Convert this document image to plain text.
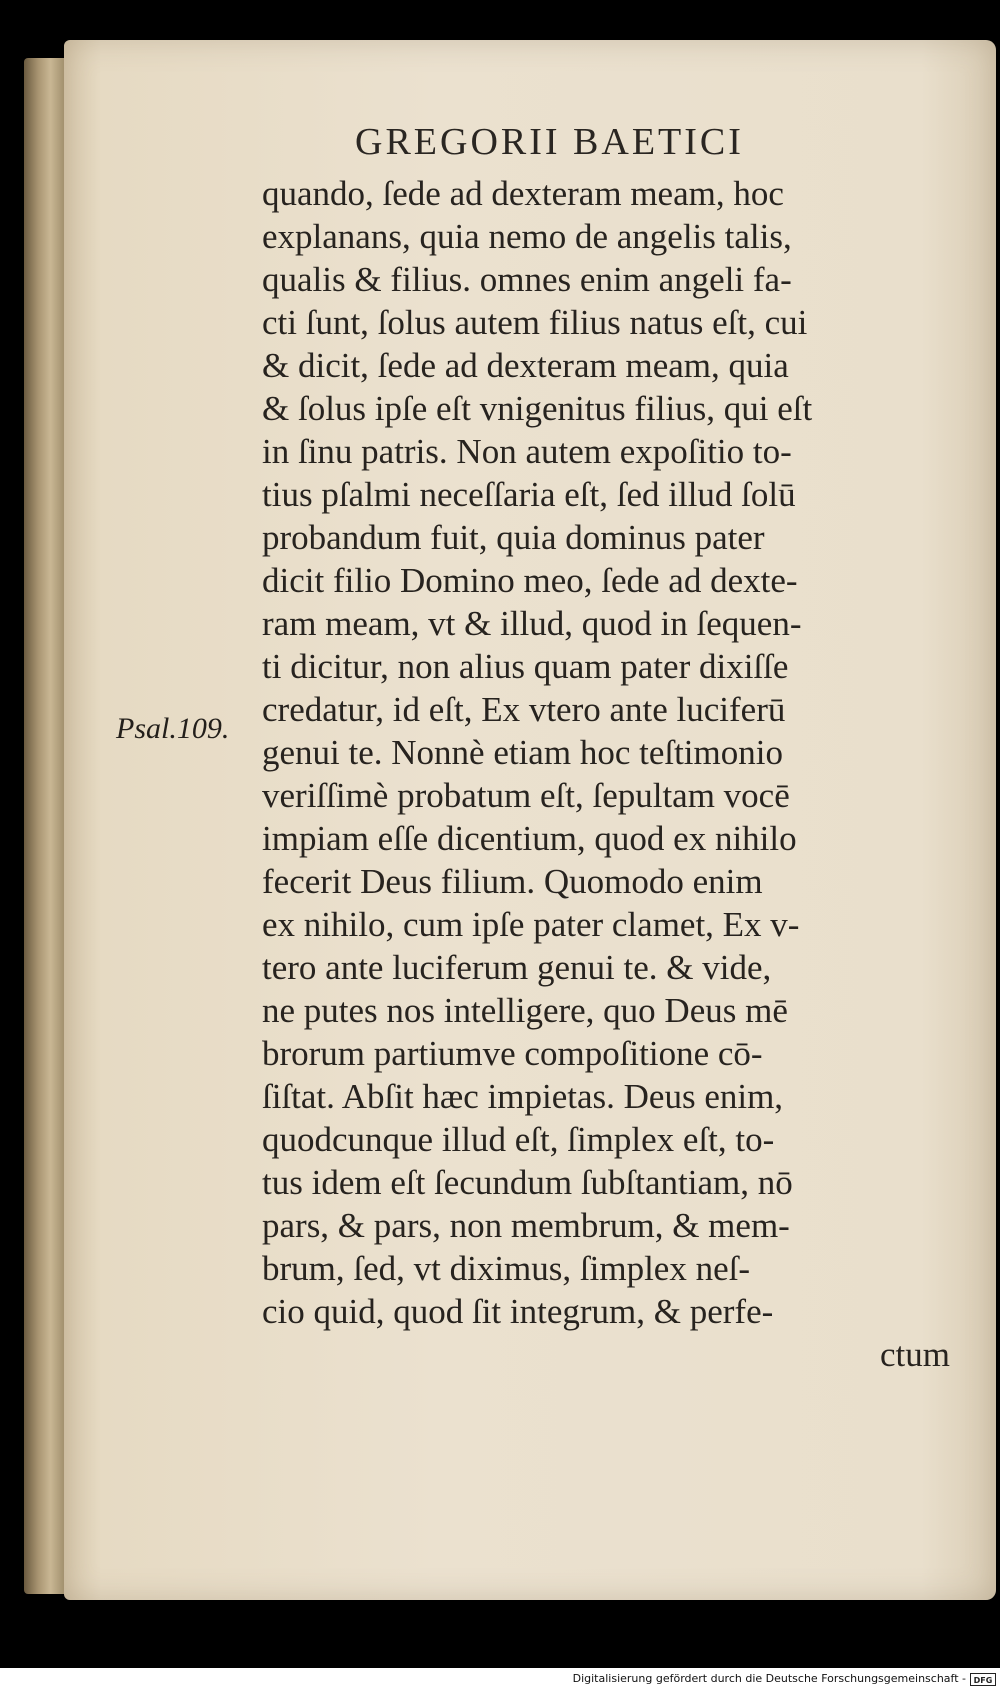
GREGORII BAETICI
Psal.109.
quando, ſede ad dexteram meam, hoc
explanans, quia nemo de angelis talis,
qualis & filius. omnes enim angeli fa-
cti ſunt, ſolus autem filius natus eſt, cui
& dicit, ſede ad dexteram meam, quia
& ſolus ipſe eſt vnigenitus filius, qui eſt
in ſinu patris. Non autem expoſitio to-
tius pſalmi neceſſaria eſt, ſed illud ſolū
probandum fuit, quia dominus pater
dicit filio Domino meo, ſede ad dexte-
ram meam, vt & illud, quod in ſequen-
ti dicitur, non alius quam pater dixiſſe
credatur, id eſt, Ex vtero ante luciferū
genui te. Nonnè etiam hoc teſtimonio
veriſſimè probatum eſt, ſepultam vocē
impiam eſſe dicentium, quod ex nihilo
fecerit Deus filium. Quomodo enim
ex nihilo, cum ipſe pater clamet, Ex v-
tero ante luciferum genui te. & vide,
ne putes nos intelligere, quo Deus mē
brorum partiumve compoſitione cō-
ſiſtat. Abſit hæc impietas. Deus enim,
quodcunque illud eſt, ſimplex eſt, to-
tus idem eſt ſecundum ſubſtantiam, nō
pars, & pars, non membrum, & mem-
brum, ſed, vt diximus, ſimplex neſ-
cio quid, quod ſit integrum, & perfe-
ctum
Digitalisierung gefördert durch die Deutsche Forschungsgemeinschaft - DFG
